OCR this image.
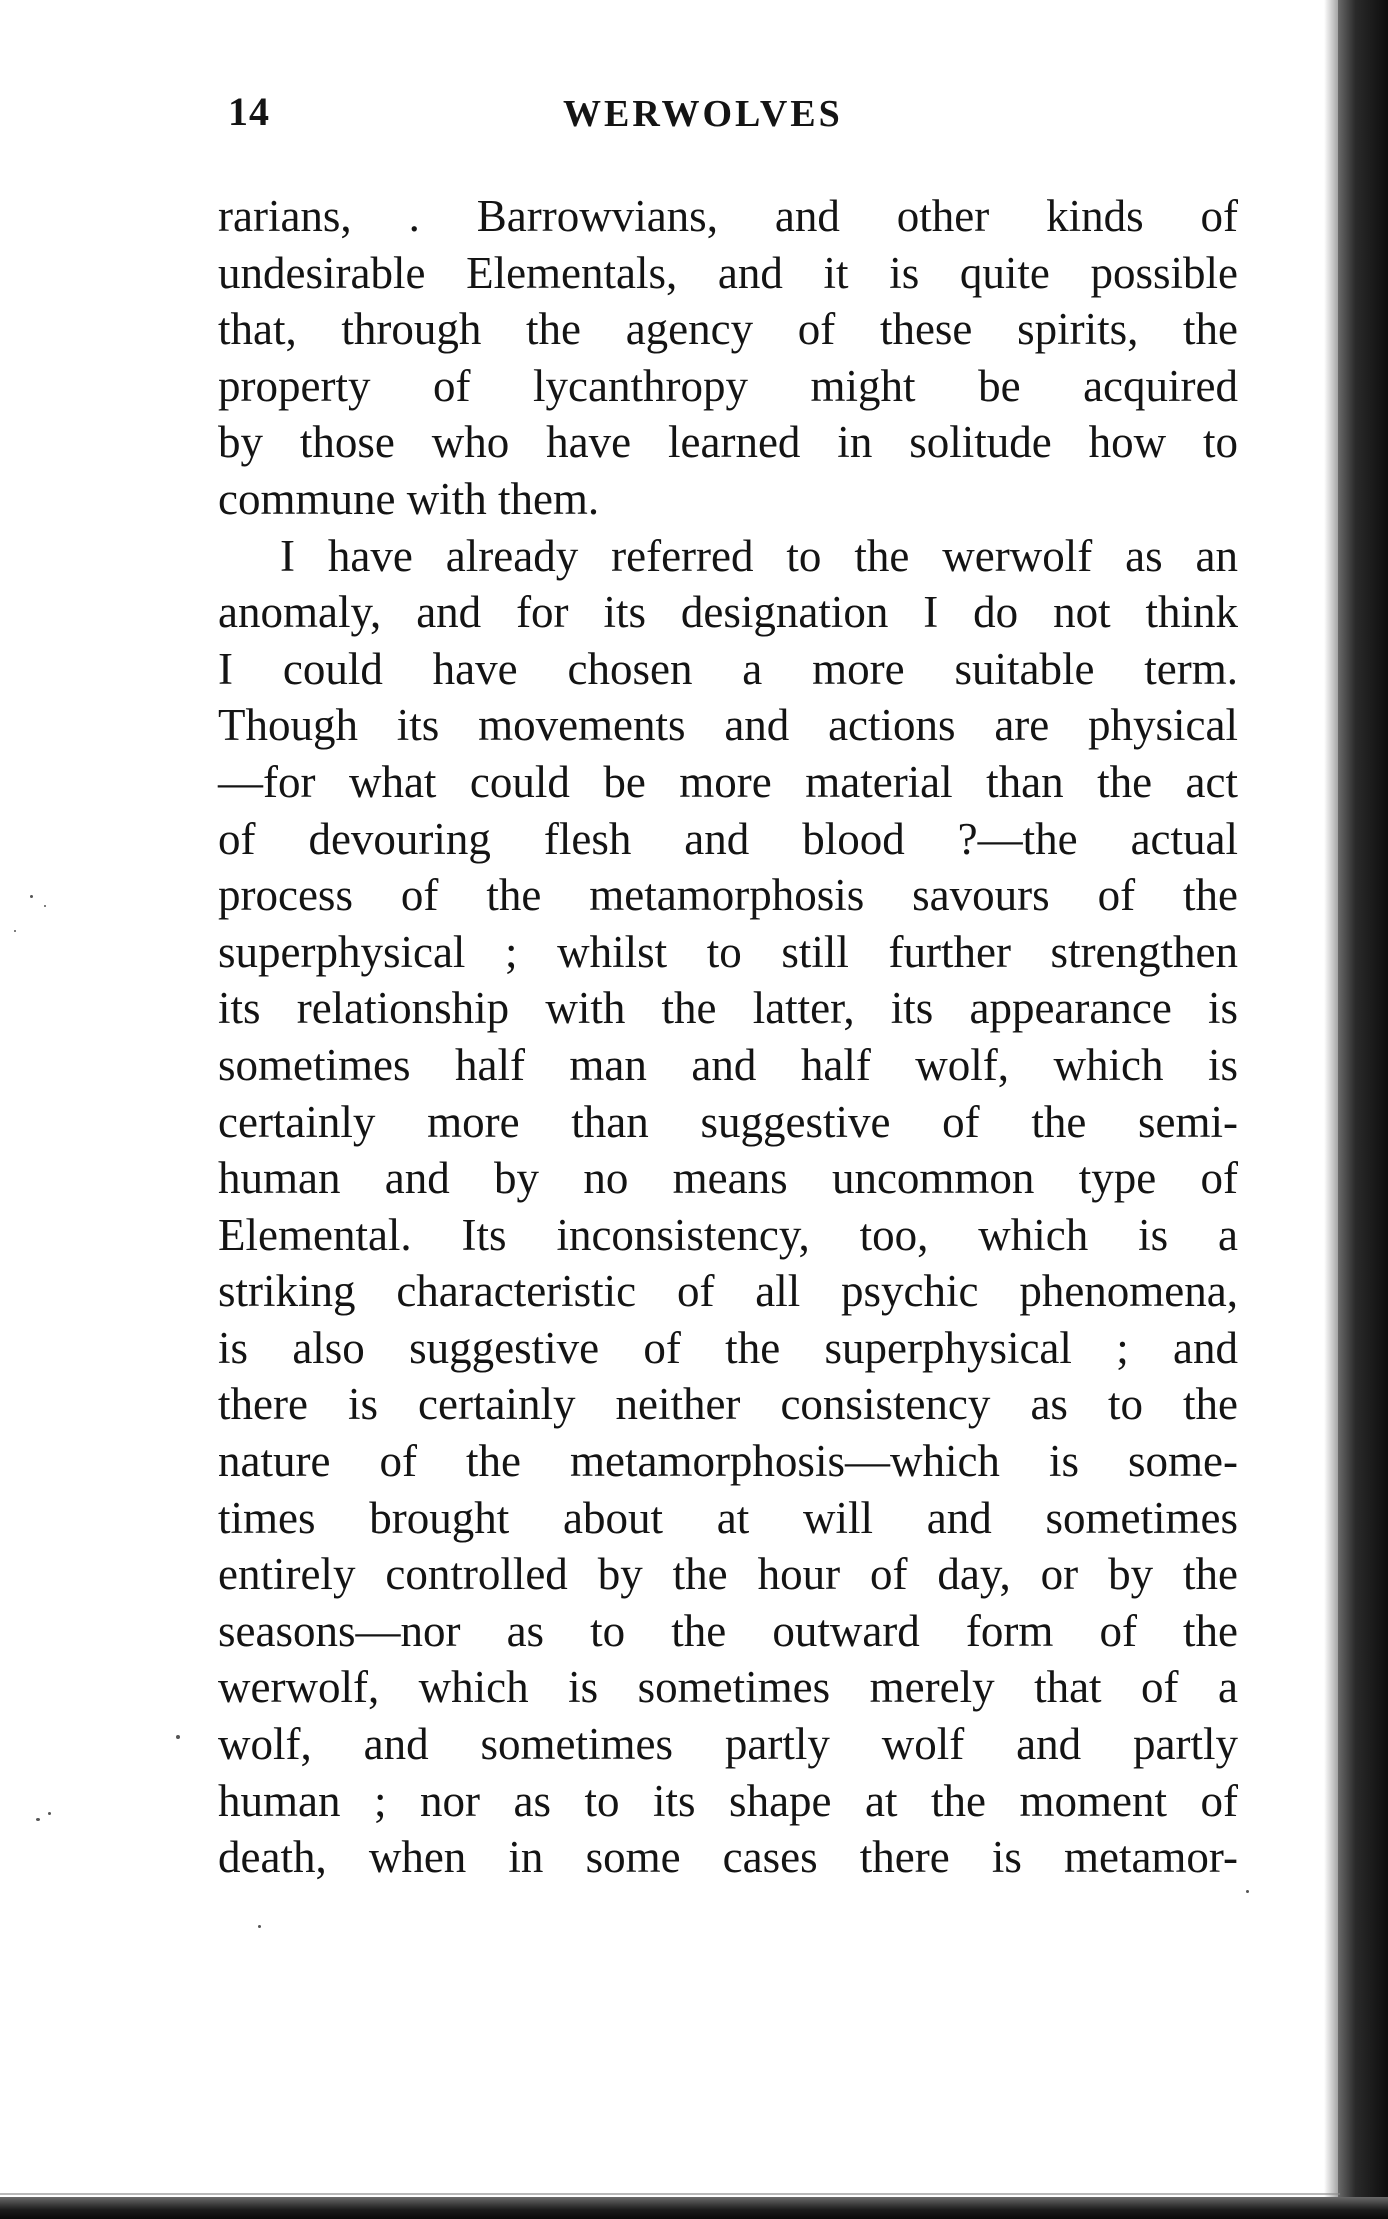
14	WERWOLVES
rarians, . Barrowvians, and other kinds of
undesirable Elementals, and it is quite possible
that, through the agency of these spirits, the
property of lycanthropy might be acquired
by those who have learned in solitude how to
commune with them.
I have already referred to the werwolf as an
anomaly, and for its designation I do not think
I could have chosen a more suitable term.
Though its movements and actions are physical
—for what could be more material than the act
of devouring flesh and blood ?—the actual
process of the metamorphosis savours of the
superphysical ; whilst to still further strengthen
its relationship with the latter, its appearance is
sometimes half man and half wolf, which is
certainly more than suggestive of the semi-
human and by no means uncommon type of
Elemental. Its inconsistency, too, which is a
striking characteristic of all psychic phenomena,
is also suggestive of the superphysical ; and
there is certainly neither consistency as to the
nature of the metamorphosis—which is some-
times brought about at will and sometimes
entirely controlled by the hour of day, or by the
seasons—nor as to the outward form of the
werwolf, which is sometimes merely that of a
wolf, and sometimes partly wolf and partly
human ; nor as to its shape at the moment of
death, when in some cases there is metamor-
